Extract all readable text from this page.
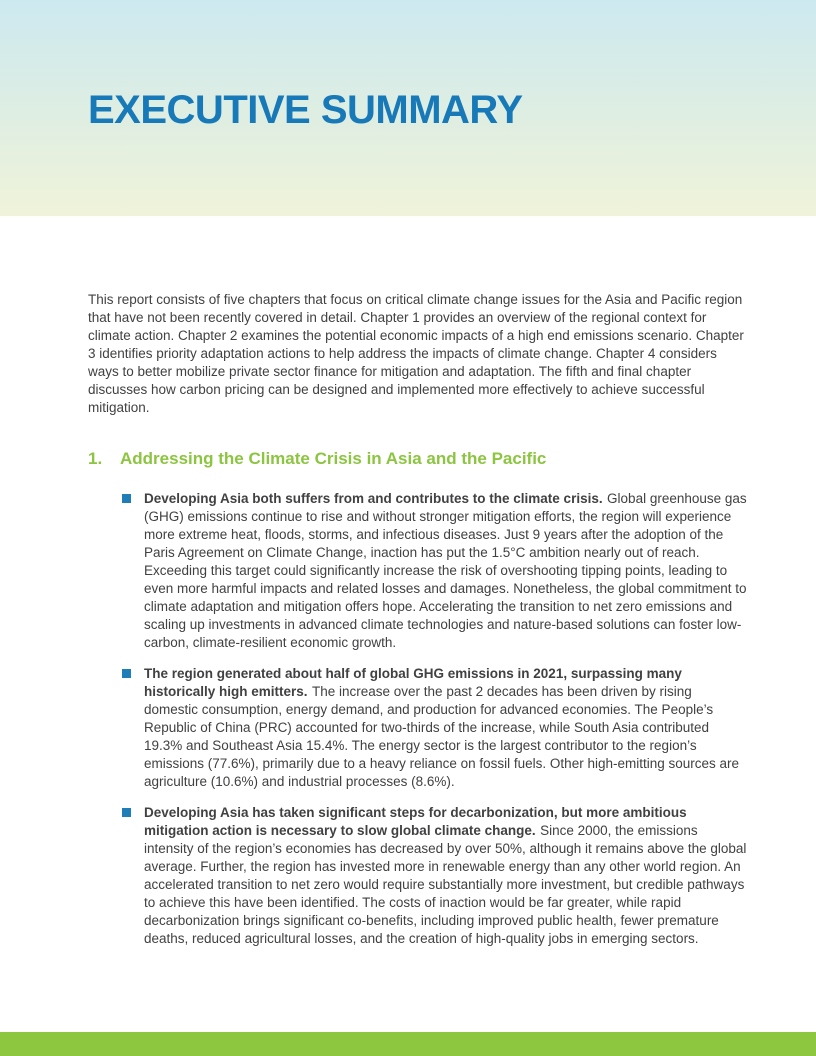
EXECUTIVE SUMMARY

This report consists of five chapters that focus on critical climate change issues for the Asia and Pacific region that have not been recently covered in detail. Chapter 1 provides an overview of the regional context for climate action. Chapter 2 examines the potential economic impacts of a high end emissions scenario. Chapter 3 identifies priority adaptation actions to help address the impacts of climate change. Chapter 4 considers ways to better mobilize private sector finance for mitigation and adaptation. The fifth and final chapter discusses how carbon pricing can be designed and implemented more effectively to achieve successful mitigation.

1.	Addressing the Climate Crisis in Asia and the Pacific
Developing Asia both suffers from and contributes to the climate crisis. Global greenhouse gas (GHG) emissions continue to rise and without stronger mitigation efforts, the region will experience more extreme heat, floods, storms, and infectious diseases. Just 9 years after the adoption of the Paris Agreement on Climate Change, inaction has put the 1.5°C ambition nearly out of reach. Exceeding this target could significantly increase the risk of overshooting tipping points, leading to even more harmful impacts and related losses and damages. Nonetheless, the global commitment to climate adaptation and mitigation offers hope. Accelerating the transition to net zero emissions and scaling up investments in advanced climate technologies and nature-based solutions can foster low-carbon, climate-resilient economic growth.
The region generated about half of global GHG emissions in 2021, surpassing many historically high emitters. The increase over the past 2 decades has been driven by rising domestic consumption, energy demand, and production for advanced economies. The People’s Republic of China (PRC) accounted for two-thirds of the increase, while South Asia contributed 19.3% and Southeast Asia 15.4%. The energy sector is the largest contributor to the region’s emissions (77.6%), primarily due to a heavy reliance on fossil fuels. Other high-emitting sources are agriculture (10.6%) and industrial processes (8.6%).
Developing Asia has taken significant steps for decarbonization, but more ambitious mitigation action is necessary to slow global climate change. Since 2000, the emissions intensity of the region’s economies has decreased by over 50%, although it remains above the global average. Further, the region has invested more in renewable energy than any other world region. An accelerated transition to net zero would require substantially more investment, but credible pathways to achieve this have been identified. The costs of inaction would be far greater, while rapid decarbonization brings significant co-benefits, including improved public health, fewer premature deaths, reduced agricultural losses, and the creation of high-quality jobs in emerging sectors.
